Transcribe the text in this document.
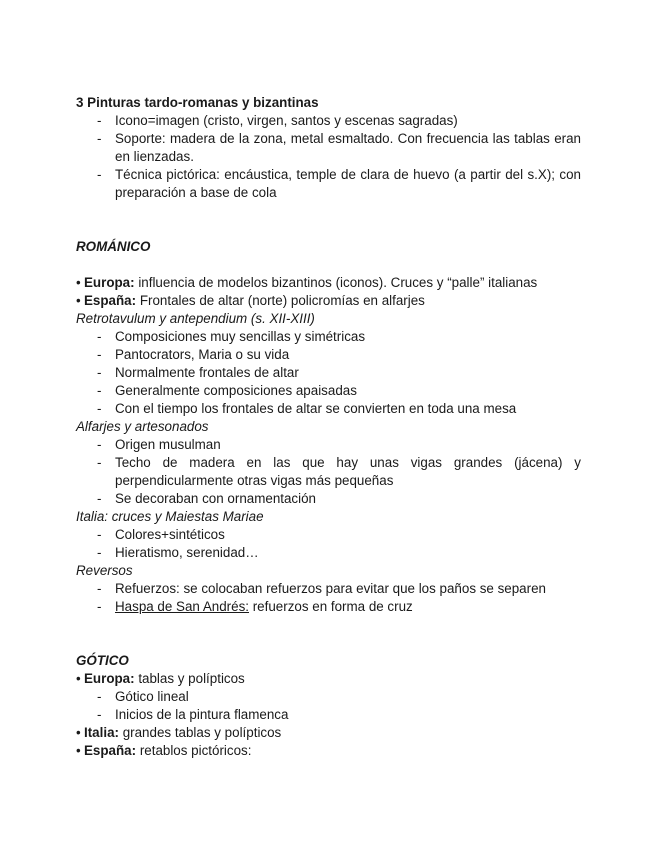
3 Pinturas tardo-romanas y bizantinas
- Icono=imagen (cristo, virgen, santos y escenas sagradas)
- Soporte: madera de la zona, metal esmaltado. Con frecuencia las tablas eran en lienzadas.
- Técnica pictórica: encáustica, temple de clara de huevo (a partir del s.X); con preparación a base de cola
ROMÁNICO
• Europa: influencia de modelos bizantinos (iconos). Cruces y “palle” italianas
• España: Frontales de altar (norte) policromías en alfarjes
Retrotavulum y antependium (s. XII-XIII)
- Composiciones muy sencillas y simétricas
- Pantocrators, Maria o su vida
- Normalmente frontales de altar
- Generalmente composiciones apaisadas
- Con el tiempo los frontales de altar se convierten en toda una mesa
Alfarjes y artesonados
- Origen musulman
- Techo de madera en las que hay unas vigas grandes (jácena) y perpendicularmente otras vigas más pequeñas
- Se decoraban con ornamentación
Italia: cruces y Maiestas Mariae
- Colores+sintéticos
- Hieratismo, serenidad…
Reversos
- Refuerzos: se colocaban refuerzos para evitar que los paños se separen
- Haspa de San Andrés: refuerzos en forma de cruz
GÓTICO
• Europa: tablas y polípticos
- Gótico lineal
- Inicios de la pintura flamenca
• Italia: grandes tablas y polípticos
• España: retablos pictóricos:
